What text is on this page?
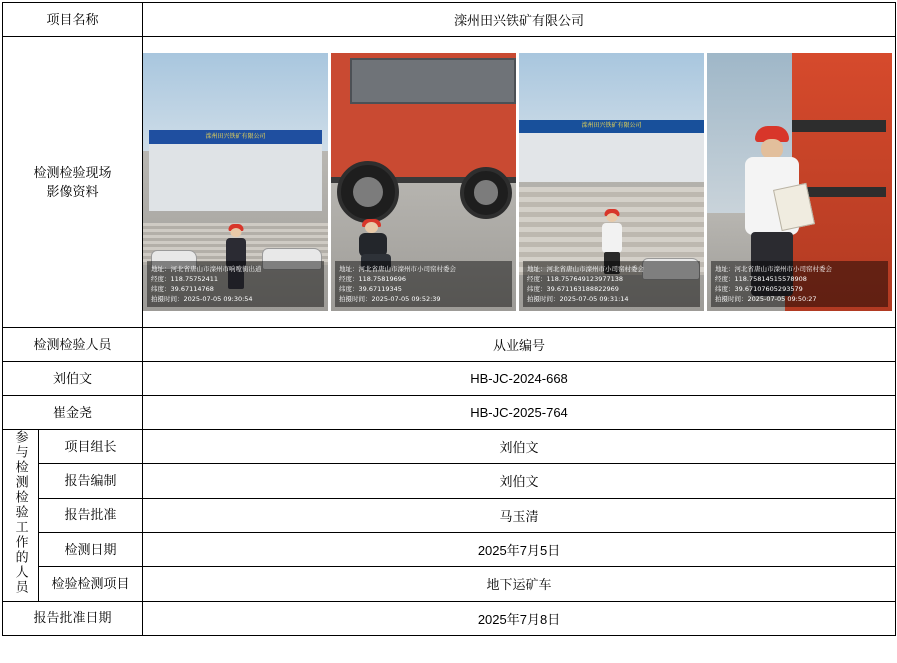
项目名称		滦州田兴铁矿有限公司
检测检验现场
影像资料	
滦州田兴铁矿有限公司
地址：河北省唐山市滦州市响嘡街出道
经度：118.75752411
纬度：39.67114768
拍摄时间：2025-07-05 09:30:54
地址：河北省唐山市滦州市小司窑村委会
经度：118.75819696
纬度：39.67119345
拍摄时间：2025-07-05 09:52:39
滦州田兴铁矿有限公司
地址：河北省唐山市滦州市小司窑村委会
经度：118.757649123977138
纬度：39.671163188822969
拍摄时间：2025-07-05 09:31:14
地址：河北省唐山市滦州市小司窑村委会
经度：118.75814515578908
纬度：39.67107605293579
拍摄时间：2025-07-05 09:50:27

检测检验人员		从业编号
刘伯文		HB-JC-2024-668
崔金尧		HB-JC-2025-764
参与检测检验工作的人员	项目组长	刘伯文
	报告编制	刘伯文
	报告批准	马玉清
	检测日期	2025年7月5日
	检验检测项目	地下运矿车
报告批准日期		2025年7月8日
